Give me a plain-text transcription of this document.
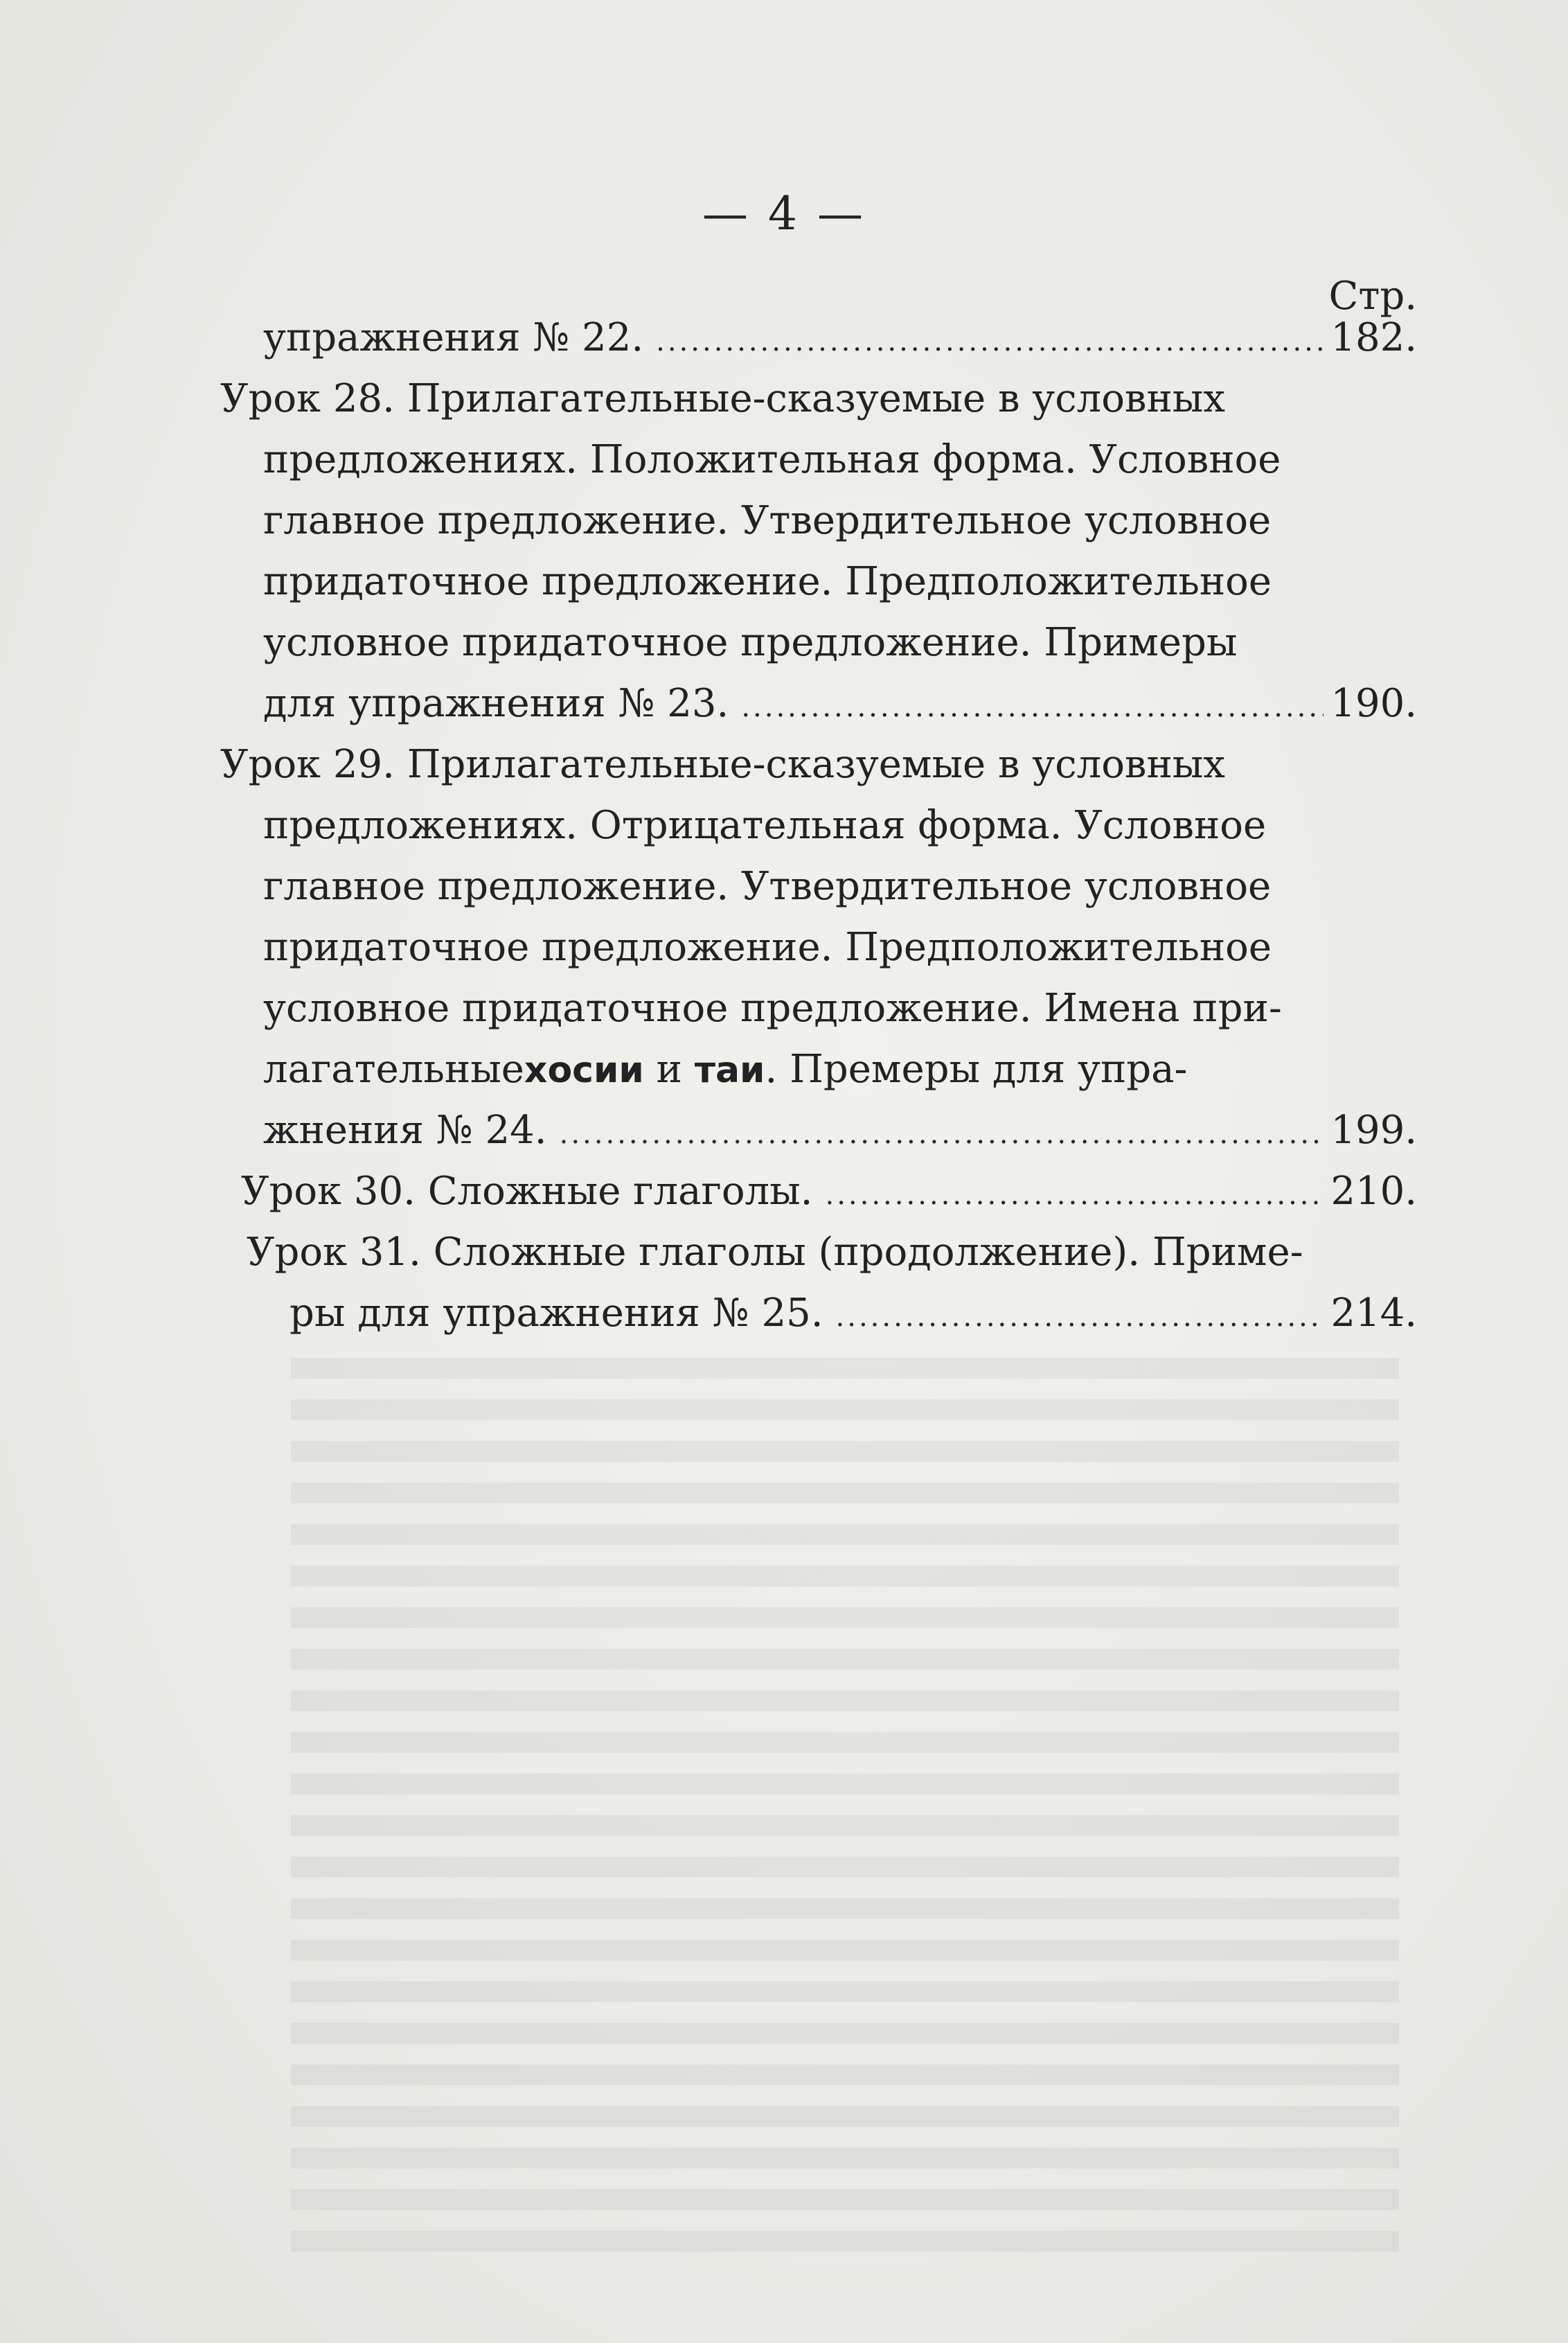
— 4 —
Стр.
упражнения № 22. .....	182.
Урок 28. Прилагательные-сказуемые в условных
предложениях. Положительная форма. Условное
главное предложение. Утвердительное условное
придаточное предложение. Предположительное
условное придаточное предложение. Примеры
для упражнения № 23. .....	190.
Урок 29. Прилагательные-сказуемые в условных
предложениях. Отрицательная форма. Условное
главное предложение. Утвердительное условное
придаточное предложение. Предположительное
условное придаточное предложение. Имена при-
лагательные хосии и таи . Премеры для упра-
жнения № 24. .....	199.
Урок 30. Сложные глаголы. .....	210.
Урок 31. Сложные глаголы (продолжение). Приме-
ры для упражнения № 25. .....	214.
